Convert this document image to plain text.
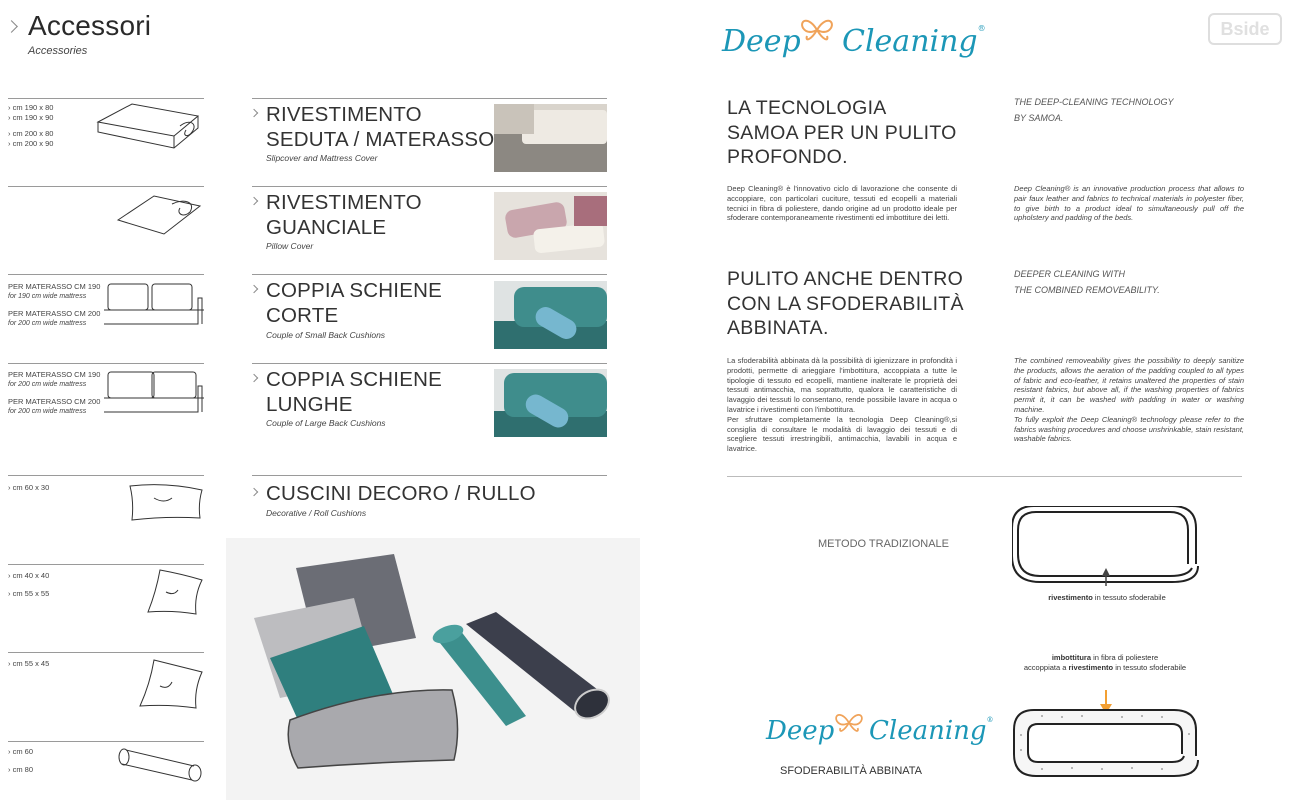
Accessori
Accessories
› cm 190 x 80
› cm 190 x 90
› cm 200 x 80
› cm 200 x 90
RIVESTIMENTO
SEDUTA / MATERASSO
Slipcover and Mattress Cover
RIVESTIMENTO
GUANCIALE
Pillow Cover
PER MATERASSO CM 190
for 190 cm wide mattress
PER MATERASSO CM 200
for 200 cm wide mattress
COPPIA SCHIENE
CORTE
Couple of Small Back Cushions
PER MATERASSO CM 190
for 200 cm wide mattress
PER MATERASSO CM 200
for 200 cm wide mattress
COPPIA SCHIENE
LUNGHE
Couple of Large Back Cushions
CUSCINI DECORO / RULLO
Decorative / Roll Cushions
› cm 60 x 30
› cm 40 x 40
› cm 55 x 55
› cm 55 x 45
› cm 60
› cm 80
Deep Cleaning®	Bside
LA TECNOLOGIA
SAMOA PER UN PULITO
PROFONDO.
THE DEEP-CLEANING TECHNOLOGY
BY SAMOA.
Deep Cleaning® è l'innovativo ciclo di lavorazione che consente di accoppiare, con particolari cuciture, tessuti ed ecopelli a materiali tecnici in fibra di poliestere, dando origine ad un prodotto ideale per sfoderare contemporaneamente rivestimenti ed imbottiture dei letti.
Deep Cleaning® is an innovative production process that allows to pair faux leather and fabrics to technical materials in polyester fiber, to give birth to a product ideal to simultaneously pull off the upholstery and padding of the beds.
PULITO ANCHE DENTRO
CON LA SFODERABILITÀ
ABBINATA.
DEEPER CLEANING WITH
THE COMBINED REMOVEABILITY.
La sfoderabilità abbinata dà la possibilità di igienizzare in profondità i prodotti, permette di arieggiare l'imbottitura, accoppiata a tutte le tipologie di tessuto ed ecopelli, mantiene inalterate le proprietà dei tessuti antimacchia, ma soprattutto, qualora le caratteristiche di lavaggio dei tessuti lo consentano, rende possibile lavare in acqua o lavatrice i rivestimenti con l'imbottitura.
Per sfruttare completamente la tecnologia Deep Cleaning®,si consiglia di consultare le modalità di lavaggio dei tessuti e di scegliere tessuti irrestringibili, antimacchia, lavabili in acqua e lavatrice.
The combined removeability gives the possibility to deeply sanitize the products, allows the aeration of the padding coupled to all types of fabric and eco-leather, it retains unaltered the properties of stain resistant fabrics, but above all, if the washing properties of fabrics permit it, it can be washed with padding in water or washing machine.
To fully exploit the Deep Cleaning® technology please refer to the fabrics washing procedures and choose unshrinkable, stain resistant, washable fabrics.
METODO TRADIZIONALE
rivestimento in tessuto sfoderabile
imbottitura in fibra di poliestere
accoppiata a rivestimento in tessuto sfoderabile
Deep Cleaning®
SFODERABILITÀ ABBINATA
